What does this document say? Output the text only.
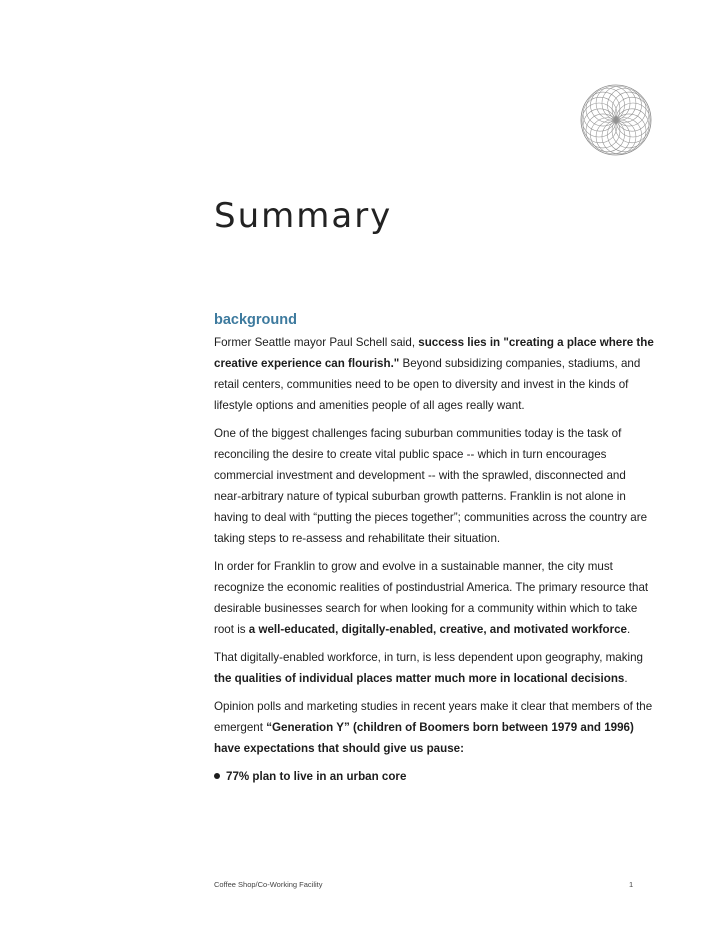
Summary
background

Former Seattle mayor Paul Schell said, success lies in "creating a place where the creative experience can flourish." Beyond subsidizing companies, stadiums, and retail centers, communities need to be open to diversity and invest in the kinds of lifestyle options and amenities people of all ages really want.

One of the biggest challenges facing suburban communities today is the task of reconciling the desire to create vital public space -- which in turn encourages commercial investment and development -- with the sprawled, disconnected and near-arbitrary nature of typical suburban growth patterns. Franklin is not alone in having to deal with “putting the pieces together”; communities across the country are taking steps to re-assess and rehabilitate their situation.

In order for Franklin to grow and evolve in a sustainable manner, the city must recognize the economic realities of postindustrial America. The primary resource that desirable businesses search for when looking for a community within which to take root is a well-educated, digitally-enabled, creative, and motivated workforce.

That digitally-enabled workforce, in turn, is less dependent upon geography, making the qualities of individual places matter much more in locational decisions.

Opinion polls and marketing studies in recent years make it clear that members of the emergent “Generation Y” (children of Boomers born between 1979 and 1996) have expectations that should give us pause:

77% plan to live in an urban core

Coffee Shop/Co-Working Facility	1
